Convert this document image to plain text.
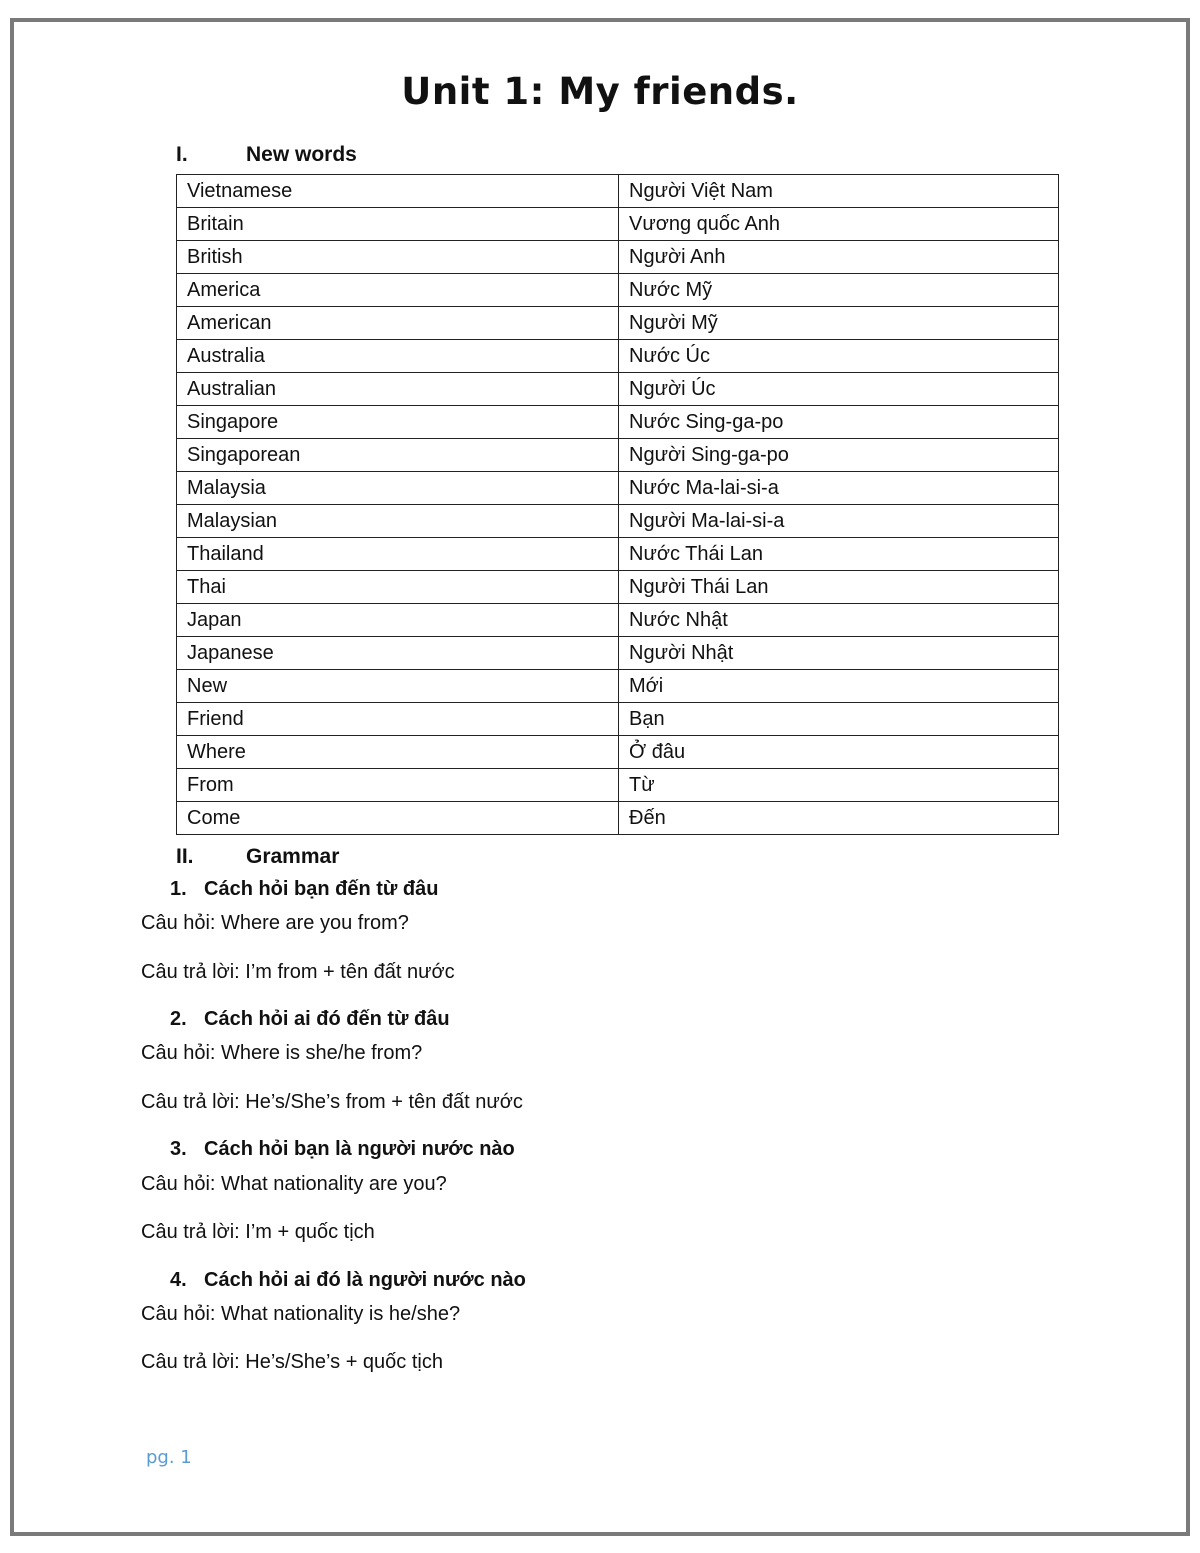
Unit 1: My friends.
I.	New words
Vietnamese	Người Việt Nam
Britain	Vương quốc Anh
British	Người Anh
America	Nước Mỹ
American	Người Mỹ
Australia	Nước Úc
Australian	Người Úc
Singapore	Nước Sing-ga-po
Singaporean	Người Sing-ga-po
Malaysia	Nước Ma-lai-si-a
Malaysian	Người Ma-lai-si-a
Thailand	Nước Thái Lan
Thai	Người Thái Lan
Japan	Nước Nhật
Japanese	Người Nhật
New	Mới
Friend	Bạn
Where	Ở đâu
From	Từ
Come	Đến
II. Grammar
1. Cách hỏi bạn đến từ đâu
Câu hỏi: Where are you from?
Câu trả lời: I’m from + tên đất nước
2. Cách hỏi ai đó đến từ đâu
Câu hỏi: Where is she/he from?
Câu trả lời: He’s/She’s from + tên đất nước
3. Cách hỏi bạn là người nước nào
Câu hỏi: What nationality are you?
Câu trả lời: I’m + quốc tịch
4. Cách hỏi ai đó là người nước nào
Câu hỏi: What nationality is he/she?
Câu trả lời: He’s/She’s + quốc tịch
pg. 1
